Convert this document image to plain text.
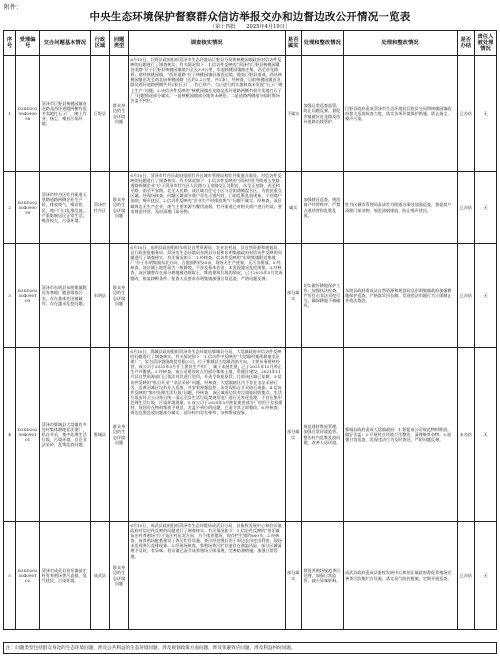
附件：
中央生态环境保护督察群众信访举报交办和边督边改公开情况一览表
（第十四批　　2025年4月19日）
序号	受理编号	交办问题基本情况	行政区域	问题类型	调查核实情况	是否属实	处理和整改情况	处理和整改情况	是否办结	责任人被处理情况
1	D3SD202504090098	菏泽市巨野县核桃园镇首龙路及西环道路两侧有很多卖地打石子厂，晚上作业，扬尘、噪音污染环境。	巨野县	群众身边的生态环境问题	6月10日，巨野县政府组织菏泽市生态环境局巨野县分局和核桃园镇政府对信访件反映的问题进行了调查核实。有关情况如下：1.信访件反映的“菏泽市巨野县核桃园镇首龙路”位于巨野县核桃园镇境内全长3.9公里，东起核桃园镇曲庄集，西至首龙路界；途经核桃园镇，“西环道路”位于核桃园镇驻地西边境，地处巨野县南部，西从核桃园镇出发至南北向核桃园路（长约2.2公里，共1条）。经核查，目前核桃园镇首龙路及西环道路两侧共有2家石子厂，均已停产。当日进行的实地核查未发现“石子厂晚上生产”问题。2.该信访件反映的“核桃园镇首龙路及西环道路两侧有很多卖地打石子厂”问题情况部分属实。一是核桃园镇部分地块未硬化、二是道路两侧部分临时堆场苫盖不到位。	不属实	加强日常巡查监管，防止问题反弹。督促乡镇做好首龙路及西环道路沿线管护。	巨野县政府责成菏泽市生态环境局巨野县分局和核桃园镇政府加大巡查检查力度，落实各项环境保护措施，防止扬尘、噪声污染。	已办结	无
2	D3SD202504090099	菏泽市牡丹区牡丹街道玉皇路道路两侧企业生产时，排放废气，噪音扰民，商户门口乱堆乱放，严重影响居民正常生活，噪音较大、污染环境。	菏泽市牡丹区	群众身边的生态环境问题	6月10日，菏泽市牡丹区政府组织牡丹区城市管理局和牡丹街道办事处，对信访件反映的问题进行了调查核实。有关情况如下：1.信访件反映的“菏泽市牡丹街道玉皇路道路两侧企业”位于菏泽市牡丹区人民路与玉皇路交汇处附近，东至玉皇路，西至和平路，南至平安路，北至人民路，该区域为住宅小区与沿街商铺混合区，为扰民重点区域。经现场核查，问题区域部分商户存在占道经营、门前乱堆乱放现象，个别商户油烟、噪声扰民。2.信访件反映的“企业生产时排放废气”问题不属实。经核查，该区域周边无生产企业，废气主要来源为餐饮油烟。牡丹街道已对相关商户进行约谈，要求规范经营，及时清理门前杂物。	属实	加强辖区巡查，规范商户经营秩序，严禁占道经营和乱堆乱放。	牡丹区城市管理局责成牡丹街道办事处加强巡查，督促商户清理门前杂物、规范油烟排放，防止噪声扰民。	已办结	无
3	D3SD202504090100	菏泽市东明县东明集镇附近有寒地厂随意排放污水，存在基本农田被破坏，存在滥采乱挖问题。	东明县	群众身边的生态环境问题	6月10日，东明县政府组织东明县自然资源局、农业农村局、县自然资源和规划局、县行政审批服务局、菏泽市生态环境局东明县分局和东明集镇政府对信访件反映的问题进行了调查核实。有关情况如下：1.经核查，信访件反映的“东明集镇附近寒地厂”位于东明集镇东北方向，占地面积约35亩，现场无生产迹象，无污水排放。2.经核查，该区域土地性质为一般耕地，不涉及基本农田，未发现滥采乱挖现象。3.经核查，该区域曾存在部分耕地被违规取土、堆放建筑垃圾的情况，已于2025年5月完成整改，恢复耕种条件。检查人员要求东明集镇加强日常巡查，严防问题反弹。	部分属实	切实做好耕地保护工作，加强执法检查，严厉打击非法采挖行为，确保耕地不被破坏。	东明县政府责成县自然资源和规划局及东明集镇政府加强耕地保护巡查，严格落实田长制，发现违法用地行为立即制止并依法查处。	已办结	无
4	D3SD202504090101	菏泽市鄄城县大埝镇有多处村集体耕地非法建厂，私自开采，集中处理生活垃圾，污染环境，存在非法采砂、乱堆乱放问题。	鄄城县	群众身边的生态环境问题	6月10日，鄄城县政府组织菏泽市生态环境局鄄城县分局、大埝镇政府对信访件反映的问题进行了调查核实。有关情况如下：1.信访件中反映的“大埝镇村集体耕地非法建厂”，实为菏泽盛隆商贸有限公司，位于鄄城县大埝镇西南方向，主要从事建材经营，该公司于2021年3月开工建设生产用厂，属于未批先建，已于2021年12月停止生产并搬离。2.经核查，该公司建设时占用部分集体土地，系擅自建设，2021年11月县自然资源部门已依法对其进行处罚，并责令恢复原状。目前该区域已复耕。3.信访件反映的“私自开采”“非法采砂”问题，经核查，大埝镇辖区内不存在非法采砂行为，沿黄河滩区设有专人巡查，并安装视频监控，未发现私自开采砂石现象。4.信访件反映的“集中处理生活垃圾”问题，经核查，该区域周边设有垃圾临时收集点，生活垃圾由环卫公司每日统一清运至县生活垃圾焚烧发电厂进行无害化处理，不存在集中处理生活垃圾、污染环境现象。5.该公司于2025年5月恢复使用部分厂房用于存放建材，现场存在物料堆放不规范、苫盖不到位的问题，已责令其立即整改。6.经核查，周边乱堆乱放问题部分属实，部分村内存在柴草、杂物堆放现象。	部分属实	规范建材堆放管理，加强日常环境监管。整治村内乱堆乱放问题，改善人居环境。	鄄城县政府责成大埝镇政府：1.督促该公司规范物料堆放，做好苫盖；2.开展村庄环境卫生整治，清理柴草杂物；3.加强日常巡查，发现违法行为及时查处，严防问题反弹。	未办结	无
5	D3SD202504090102	菏泽市成武县伯乐镇苗庄村有养殖场粪污直排，臭气扰民，污染环境。	成武县	群众身边的生态环境问题	6月10日，成武县政府组织菏泽市生态环境局成武县分局、县畜牧发展中心和伯乐镇政府对信访件反映的问题进行了调查核实。有关情况如下：1.信访件反映的“伯乐镇苗庄村养殖场”位于苗庄村东北方向，为个体养猪场，现存栏生猪约800头。2.经核查，该养殖场配套建设了粪污贮存设施，粪污经处理后用于周边农田还田利用，现场未发现粪污直排现象。3.经现场核查，养殖场粪污贮存池存在满溢风险，部分区域清理不及时，有异味。伯乐镇已责令该养殖场立即清理，完善防渗措施，加强日常管理。	部分属实	督促养殖场规范粪污处理，加强日常监管，减少异味影响。	成武县政府责成县畜牧发展中心和伯乐镇政府督促养殖场完善粪污收集贮存设施，落实臭气防控措施，定期开展巡查。	已办结	无
注：问题类型包括群众身边的生态环境问题，涉及公共利益的生态环境问题，涉及规划政策方面问题，涉及邻避效应问题，涉及利益纠纷问题。
